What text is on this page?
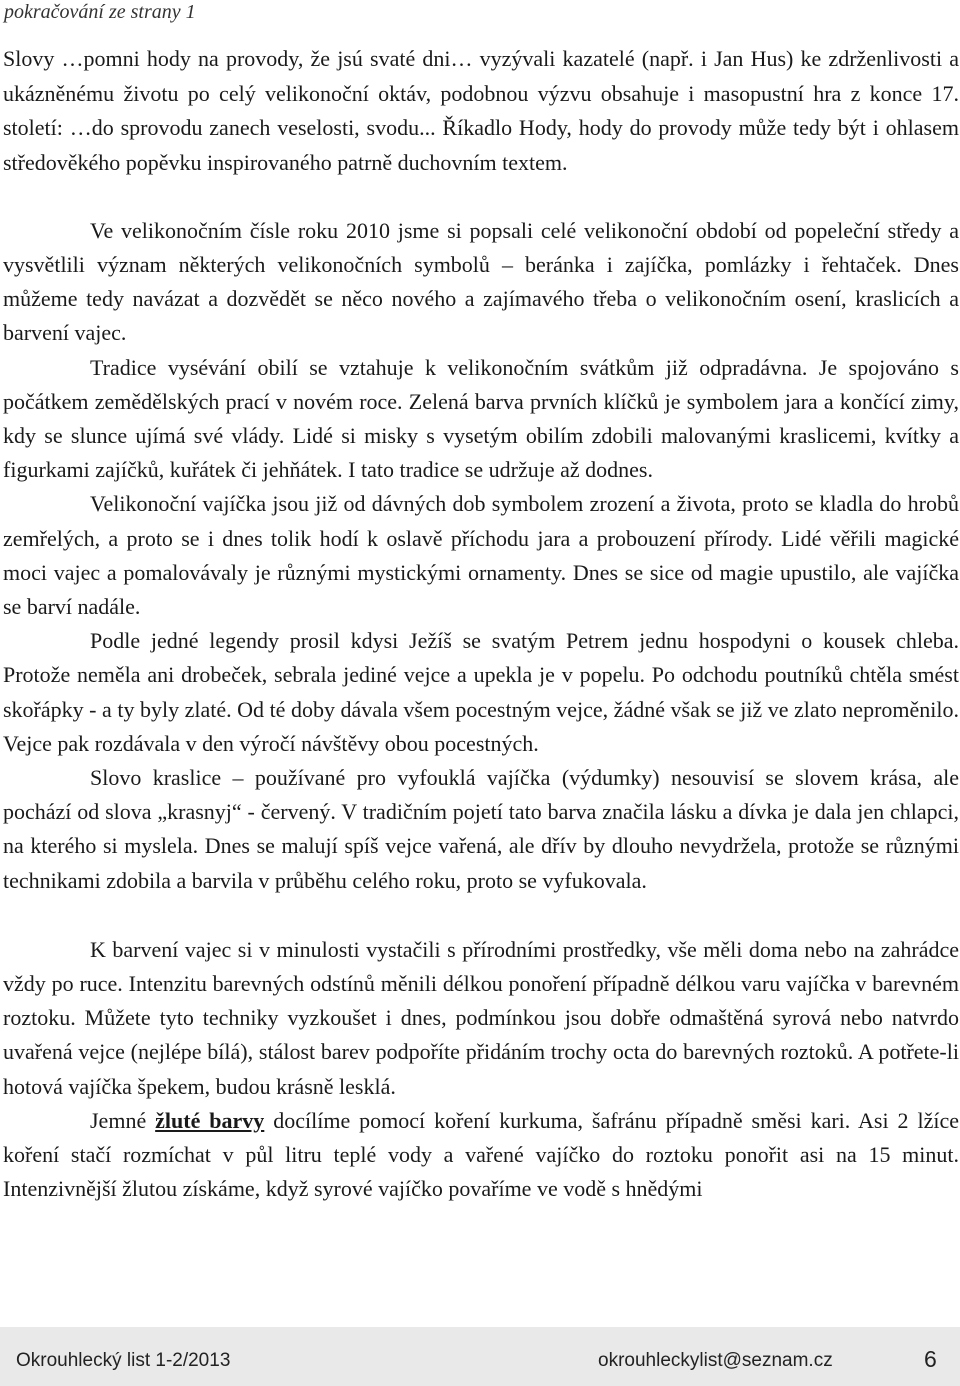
pokračování ze strany 1

Slovy …pomni hody na provody, že jsú svaté dni… vyzývali kazatelé (např. i Jan Hus) ke zdrženlivosti a ukázněnému životu po celý velikonoční oktáv, podobnou výzvu obsahuje i masopustní hra z konce 17. století: …do sprovodu zanech veselosti, svodu... Říkadlo Hody, hody do provody může tedy být i ohlasem středověkého popěvku inspirovaného patrně duchovním textem.

Ve velikonočním čísle roku 2010 jsme si popsali celé velikonoční období od popeleční středy a vysvětlili význam některých velikonočních symbolů – beránka i zajíčka, pomlázky i řehtaček. Dnes můžeme tedy navázat a dozvědět se něco nového a zajímavého třeba o velikonočním osení, kraslicích a barvení vajec.

Tradice vysévání obilí se vztahuje k velikonočním svátkům již odpradávna. Je spojováno s počátkem zemědělských prací v novém roce. Zelená barva prvních klíčků je symbolem jara a končící zimy, kdy se slunce ujímá své vlády. Lidé si misky s vysetým obilím zdobili malovanými kraslicemi, kvítky a figurkami zajíčků, kuřátek či jehňátek. I tato tradice se udržuje až dodnes.

Velikonoční vajíčka jsou již od dávných dob symbolem zrození a života, proto se kladla do hrobů zemřelých, a proto se i dnes tolik hodí k oslavě příchodu jara a probouzení přírody. Lidé věřili magické moci vajec a pomalovávaly je různými mystickými ornamenty. Dnes se sice od magie upustilo, ale vajíčka se barví nadále.

Podle jedné legendy prosil kdysi Ježíš se svatým Petrem jednu hospodyni o kousek chleba. Protože neměla ani drobeček, sebrala jediné vejce a upekla je v popelu. Po odchodu poutníků chtěla smést skořápky - a ty byly zlaté. Od té doby dávala všem pocestným vejce, žádné však se již ve zlato neproměnilo. Vejce pak rozdávala v den výročí návštěvy obou pocestných.

Slovo kraslice – používané pro vyfouklá vajíčka (výdumky) nesouvisí se slovem krása, ale pochází od slova „krasnyj“ - červený. V tradičním pojetí tato barva značila lásku a dívka je dala jen chlapci, na kterého si myslela. Dnes se malují spíš vejce vařená, ale dřív by dlouho nevydržela, protože se různými technikami zdobila a barvila v průběhu celého roku, proto se vyfukovala.

K barvení vajec si v minulosti vystačili s přírodními prostředky, vše měli doma nebo na zahrádce vždy po ruce. Intenzitu barevných odstínů měnili délkou ponoření případně délkou varu vajíčka v barevném roztoku. Můžete tyto techniky vyzkoušet i dnes, podmínkou jsou dobře odmaštěná syrová nebo natvrdo uvařená vejce (nejlépe bílá), stálost barev podpoříte přidáním trochy octa do barevných roztoků. A potřete-li hotová vajíčka špekem, budou krásně lesklá.

Jemné žluté barvy docílíme pomocí koření kurkuma, šafránu případně směsi kari. Asi 2 lžíce koření stačí rozmíchat v půl litru teplé vody a vařené vajíčko do roztoku ponořit asi na 15 minut. Intenzivnější žlutou získáme, když syrové vajíčko povaříme ve vodě s hnědými

Okrouhlecký list 1-2/2013	okrouhleckylist@seznam.cz	6
